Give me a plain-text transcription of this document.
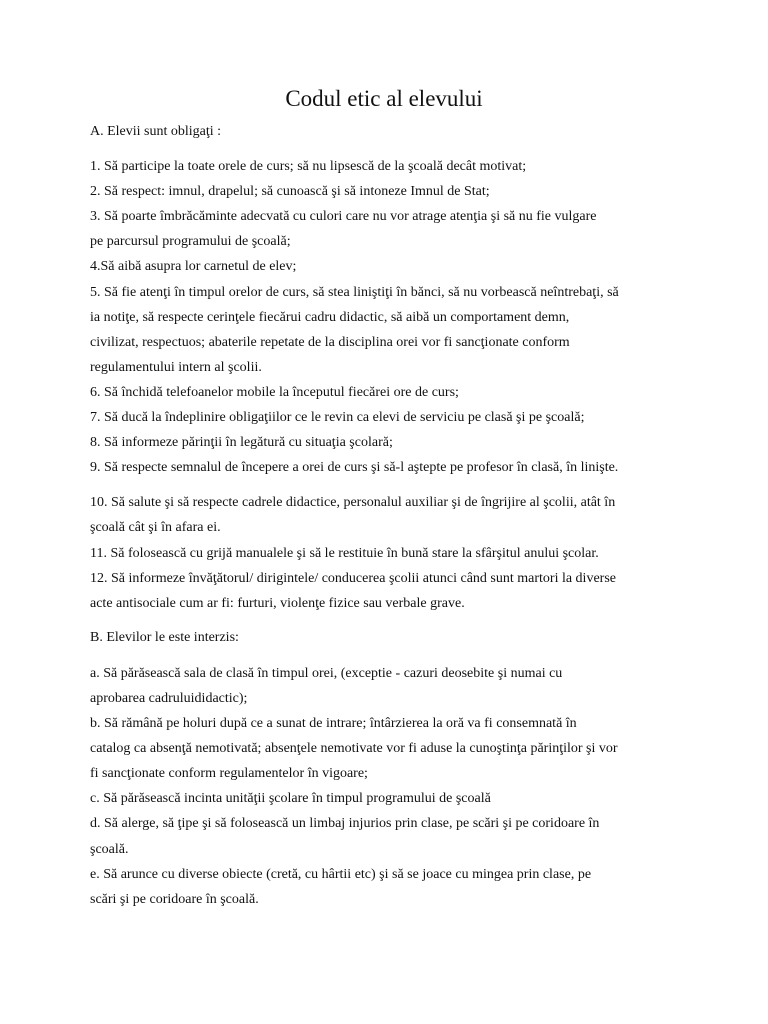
Codul etic al elevului
A. Elevii sunt obligaţi :
1. Să participe la toate orele de curs; să nu lipsescă de la şcoală decât motivat;
2. Să respect: imnul, drapelul; să cunoască şi să intoneze Imnul de Stat;
3. Să poarte îmbrăcăminte adecvată cu culori care nu vor atrage atenţia şi să nu fie vulgare
pe parcursul programului de şcoală;
4.Să aibă asupra lor carnetul de elev;
5. Să fie atenţi în timpul orelor de curs, să stea liniştiţi în bănci, să nu vorbească neîntrebaţi, să
ia notiţe, să respecte cerinţele fiecărui cadru didactic, să aibă un comportament demn,
civilizat, respectuos; abaterile repetate de la disciplina orei vor fi sancţionate conform
regulamentului intern al şcolii.
6. Să închidă telefoanelor mobile la începutul fiecărei ore de curs;
7. Să ducă la îndeplinire obligaţiilor ce le revin ca elevi de serviciu pe clasă şi pe şcoală;
8. Să informeze părinţii în legătură cu situaţia şcolară;
9. Să respecte semnalul de începere a orei de curs şi să-l aştepte pe profesor în clasă, în linişte.
10. Să salute şi să respecte cadrele didactice, personalul auxiliar şi de îngrijire al şcolii, atât în
şcoală cât şi în afara ei.
11. Să folosească cu grijă manualele şi să le restituie în bună stare la sfârşitul anului şcolar.
12. Să informeze învăţătorul/ dirigintele/ conducerea şcolii atunci când sunt martori la diverse
acte antisociale cum ar fi: furturi, violenţe fizice sau verbale grave.
B. Elevilor le este interzis:
a. Să părăsească sala de clasă în timpul orei, (exceptie - cazuri deosebite şi numai cu
aprobarea cadruluididactic);
b. Să rămână pe holuri după ce a sunat de intrare; întârzierea la oră va fi consemnată în
catalog ca absenţă nemotivată; absenţele nemotivate vor fi aduse la cunoştinţa părinţilor şi vor
fi sancţionate conform regulamentelor în vigoare;
c. Să părăsească incinta unităţii şcolare în timpul programului de şcoală
d. Să alerge, să ţipe şi să folosească un limbaj injurios prin clase, pe scări şi pe coridoare în
şcoală.
e. Să arunce cu diverse obiecte (cretă, cu hârtii etc) şi să se joace cu mingea prin clase, pe
scări şi pe coridoare în şcoală.
